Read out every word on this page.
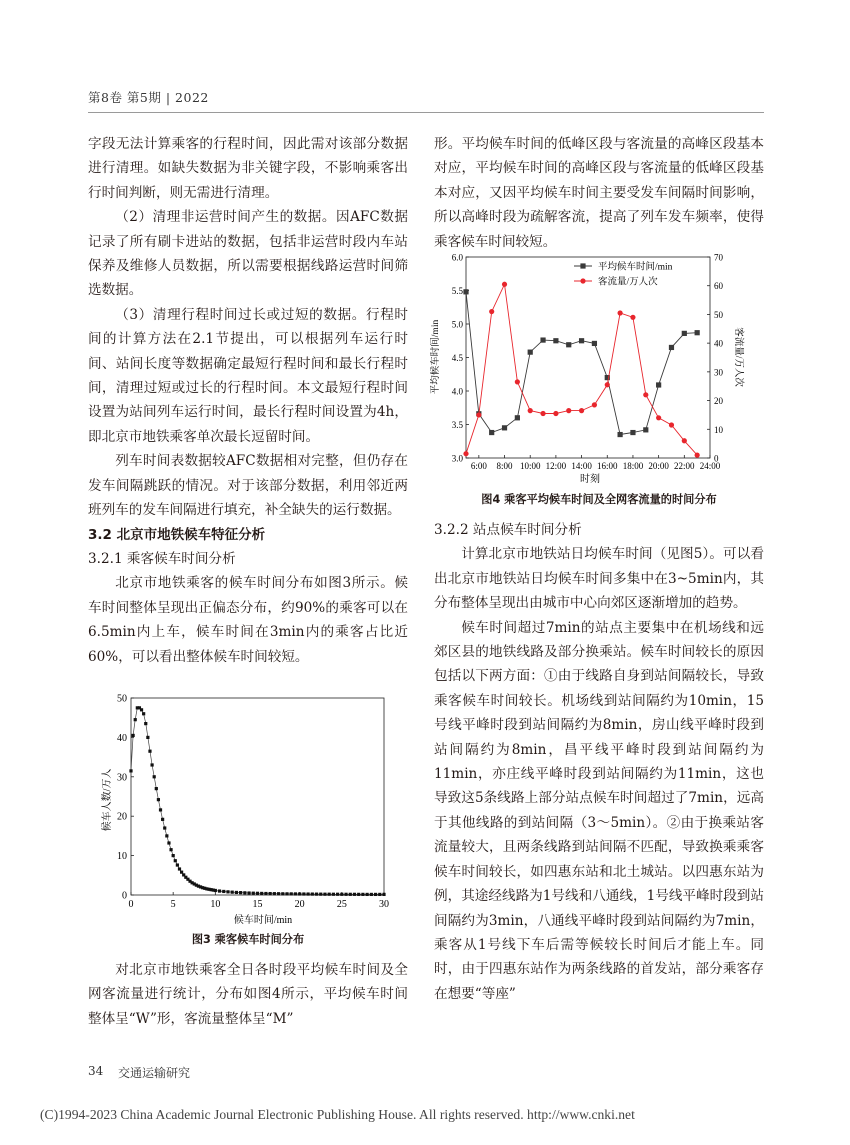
第8卷 第5期 | 2022

字段无法计算乘客的行程时间，因此需对该部分数据进行清理。如缺失数据为非关键字段，不影响乘客出行时间判断，则无需进行清理。

（2）清理非运营时间产生的数据。因AFC数据记录了所有刷卡进站的数据，包括非运营时段内车站保养及维修人员数据，所以需要根据线路运营时间筛选数据。

（3）清理行程时间过长或过短的数据。行程时间的计算方法在2.1节提出，可以根据列车运行时间、站间长度等数据确定最短行程时间和最长行程时间，清理过短或过长的行程时间。本文最短行程时间设置为站间列车运行时间，最长行程时间设置为4h，即北京市地铁乘客单次最长逗留时间。

列车时间表数据较AFC数据相对完整，但仍存在发车间隔跳跃的情况。对于该部分数据，利用邻近两班列车的发车间隔进行填充，补全缺失的运行数据。

3.2 北京市地铁候车特征分析

3.2.1 乘客候车时间分析

北京市地铁乘客的候车时间分布如图3所示。候车时间整体呈现出正偏态分布，约90%的乘客可以在6.5min内上车，候车时间在3min内的乘客占比近60%，可以看出整体候车时间较短。

0	5	10	15	20	25	30
0
10
20
30
40
50
候车时间/min
候车人数/万人
图3 乘客候车时间分布

对北京市地铁乘客全日各时段平均候车时间及全网客流量进行统计，分布如图4所示，平均候车时间整体呈“W”形，客流量整体呈“M”

形。平均候车时间的低峰区段与客流量的高峰区段基本对应，平均候车时间的高峰区段与客流量的低峰区段基本对应，又因平均候车时间主要受发车间隔时间影响，所以高峰时段为疏解客流，提高了列车发车频率，使得乘客候车时间较短。

6:00 8:00 10:00 12:00 14:00 16:00 18:00 20:00 22:00 24:00
3.0
3.5
4.0
4.5
5.0
5.5
6.0
0
10
20
30
40
50
60
70
平均候车时间/min
客流量/万人次
时刻
平均候车时间/min	客流量/万人次
图4 乘客平均候车时间及全网客流量的时间分布

3.2.2 站点候车时间分析

计算北京市地铁站日均候车时间（见图5）。可以看出北京市地铁站日均候车时间多集中在3~5min内，其分布整体呈现出由城市中心向郊区逐渐增加的趋势。

候车时间超过7min的站点主要集中在机场线和远郊区县的地铁线路及部分换乘站。候车时间较长的原因包括以下两方面：①由于线路自身到站间隔较长，导致乘客候车时间较长。机场线到站间隔约为10min，15号线平峰时段到站间隔约为8min，房山线平峰时段到站间隔约为8min，昌平线平峰时段到站间隔约为11min，亦庄线平峰时段到站间隔约为11min，这也导致这5条线路上部分站点候车时间超过了7min，远高于其他线路的到站间隔（3～5min）。②由于换乘站客流量较大，且两条线路到站间隔不匹配，导致换乘乘客候车时间较长，如四惠东站和北土城站。以四惠东站为例，其途经线路为1号线和八通线，1号线平峰时段到站间隔约为3min，八通线平峰时段到站间隔约为7min，乘客从1号线下车后需等候较长时间后才能上车。同时，由于四惠东站作为两条线路的首发站，部分乘客存在想要“等座”

34 交通运输研究
(C)1994-2023 China Academic Journal Electronic Publishing House. All rights reserved. http://www.cnki.net
